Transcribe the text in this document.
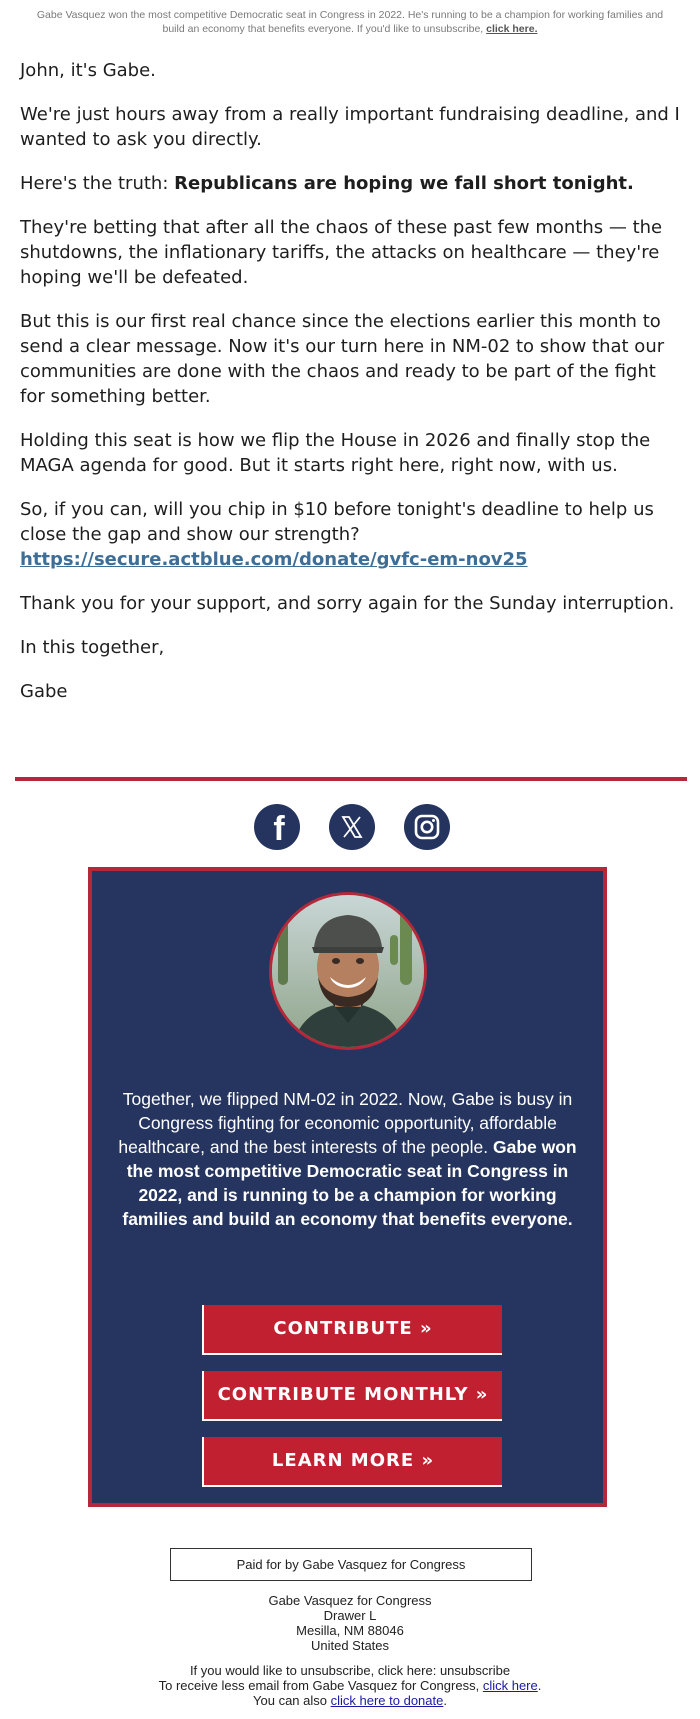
Gabe Vasquez won the most competitive Democratic seat in Congress in 2022. He's running to be a champion for working families and build an economy that benefits everyone. If you'd like to unsubscribe, click here.

John, it's Gabe.

We're just hours away from a really important fundraising deadline, and I wanted to ask you directly.

Here's the truth: Republicans are hoping we fall short tonight.

They're betting that after all the chaos of these past few months — the shutdowns, the inflationary tariffs, the attacks on healthcare — they're hoping we'll be defeated.

But this is our first real chance since the elections earlier this month to send a clear message. Now it's our turn here in NM-02 to show that our communities are done with the chaos and ready to be part of the fight for something better.

Holding this seat is how we flip the House in 2026 and finally stop the MAGA agenda for good. But it starts right here, right now, with us.

So, if you can, will you chip in $10 before tonight's deadline to help us close the gap and show our strength?
https://secure.actblue.com/donate/gvfc-em-nov25

Thank you for your support, and sorry again for the Sunday interruption.

In this together,

Gabe

f
Together, we flipped NM-02 in 2022. Now, Gabe is busy in Congress fighting for economic opportunity, affordable healthcare, and the best interests of the people. Gabe won the most competitive Democratic seat in Congress in 2022, and is running to be a champion for working families and build an economy that benefits everyone.
CONTRIBUTE »
CONTRIBUTE MONTHLY »
LEARN MORE »
Paid for by Gabe Vasquez for Congress
Gabe Vasquez for Congress
Drawer L
Mesilla, NM 88046
United States
If you would like to unsubscribe, click here: unsubscribe
To receive less email from Gabe Vasquez for Congress, click here.
You can also click here to donate.
